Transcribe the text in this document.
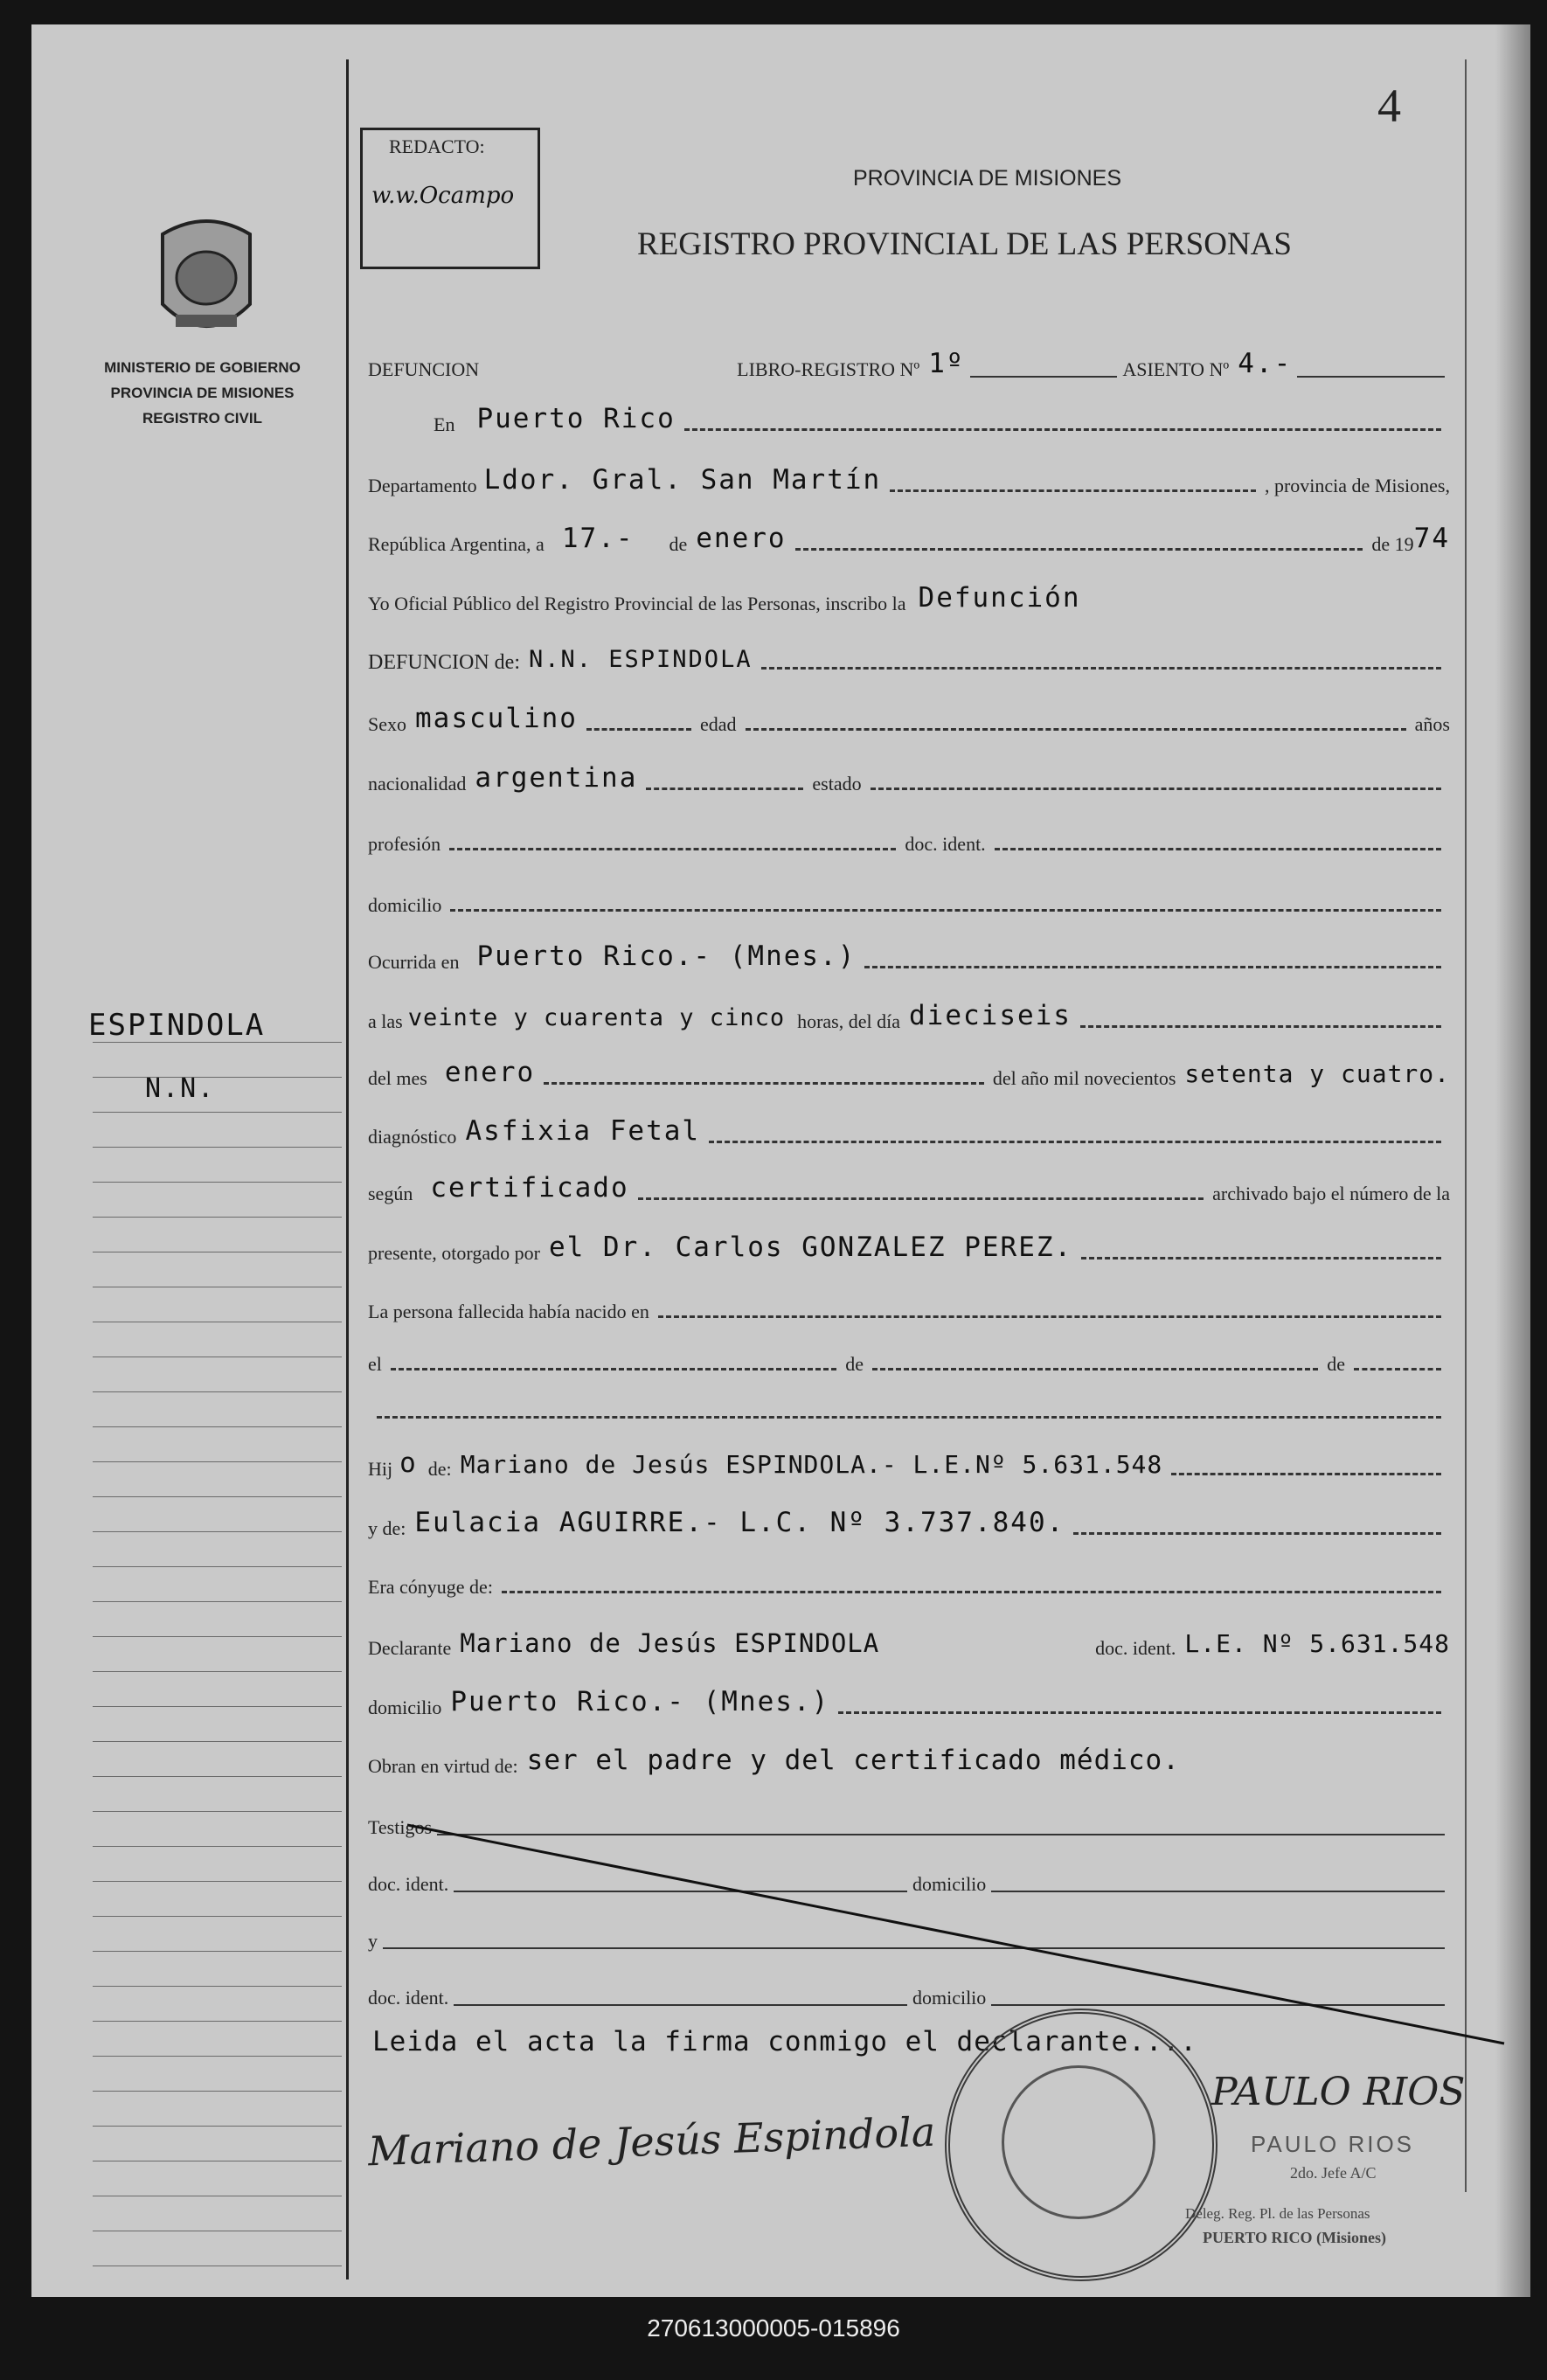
4
REDACTO:
w.w.Ocampo
PROVINCIA DE MISIONES
REGISTRO PROVINCIAL DE LAS PERSONAS
MINISTERIO DE GOBIERNO
PROVINCIA DE MISIONES
REGISTRO CIVIL
ESPINDOLA
N.N.
DEFUNCION	LIBRO-REGISTRO Nº 1º	ASIENTO Nº 4.-
En Puerto Rico
Departamento Ldor. Gral. San Martín	, provincia de Misiones,
República Argentina, a 17.- de enero	de 19 74
Yo Oficial Público del Registro Provincial de las Personas, inscribo la Defunción
DEFUNCION de: N.N. ESPINDOLA
Sexo masculino	edad	años
nacionalidad argentina	estado
profesión	doc. ident.
domicilio
Ocurrida en Puerto Rico.- (Mnes.)
a las veinte y cuarenta y cinco horas, del día dieciseis
del mes enero	del año mil novecientos setenta y cuatro.
diagnóstico Asfixia Fetal
según certificado	archivado bajo el número de la
presente, otorgado por el Dr. Carlos GONZALEZ PEREZ.
La persona fallecida había nacido en
el	de	de
Hij o de: Mariano de Jesús ESPINDOLA.- L.E.Nº 5.631.548
y de: Eulacia AGUIRRE.- L.C. Nº 3.737.840.
Era cónyuge de:
Declarante Mariano de Jesús ESPINDOLA	doc. ident. L.E. Nº 5.631.548
domicilio Puerto Rico.- (Mnes.)
Obran en virtud de: ser el padre y del certificado médico.
Testigos
doc. ident.	domicilio
y
doc. ident.	domicilio
Leida el acta la firma conmigo el declarante....
Mariano de Jesús Espindola
PAULO RIOS
PAULO RIOS
2do. Jefe A/C
Deleg. Reg. Pl. de las Personas
PUERTO RICO (Misiones)
270613000005-015896
